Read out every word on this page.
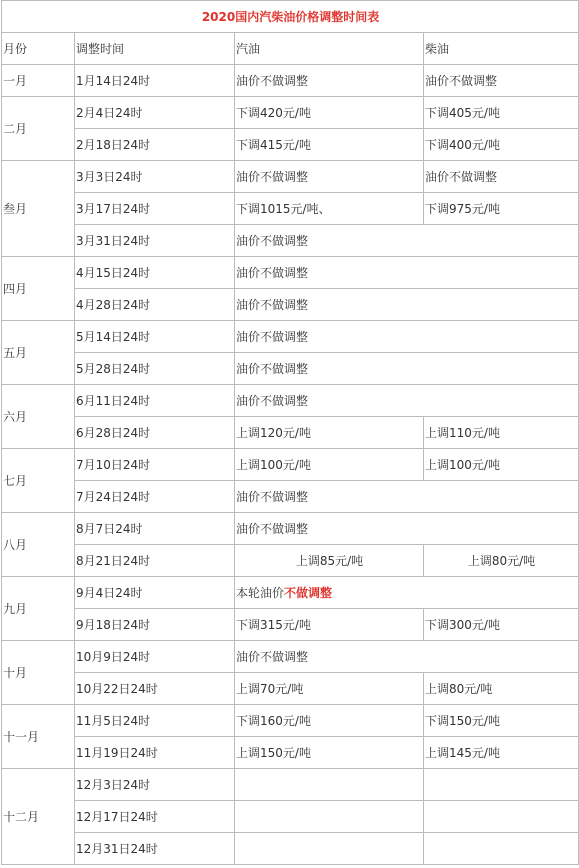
2020国内汽柴油价格调整时间表			
月份	调整时间	汽油	柴油
一月	1月14日24时	油价不做调整	油价不做调整
二月	2月4日24时	下调420元/吨	下调405元/吨
	2月18日24时	下调415元/吨	下调400元/吨
叁月	3月3日24时	油价不做调整	油价不做调整
	3月17日24时	下调1015元/吨、	下调975元/吨
	3月31日24时	油价不做调整	
四月	4月15日24时	油价不做调整	
	4月28日24时	油价不做调整	
五月	5月14日24时	油价不做调整	
	5月28日24时	油价不做调整	
六月	6月11日24时	油价不做调整	
	6月28日24时	上调120元/吨	上调110元/吨
七月	7月10日24时	上调100元/吨	上调100元/吨
	7月24日24时	油价不做调整	
八月	8月7日24时	油价不做调整	
	8月21日24时	上调85元/吨	上调80元/吨
九月	9月4日24时	本轮油价不做调整	
	9月18日24时	下调315元/吨	下调300元/吨
十月	10月9日24时	油价不做调整	
	10月22日24时	上调70元/吨	上调80元/吨
十一月	11月5日24时	下调160元/吨	下调150元/吨
	11月19日24时	上调150元/吨	上调145元/吨
十二月	12月3日24时		
	12月17日24时		
	12月31日24时		
